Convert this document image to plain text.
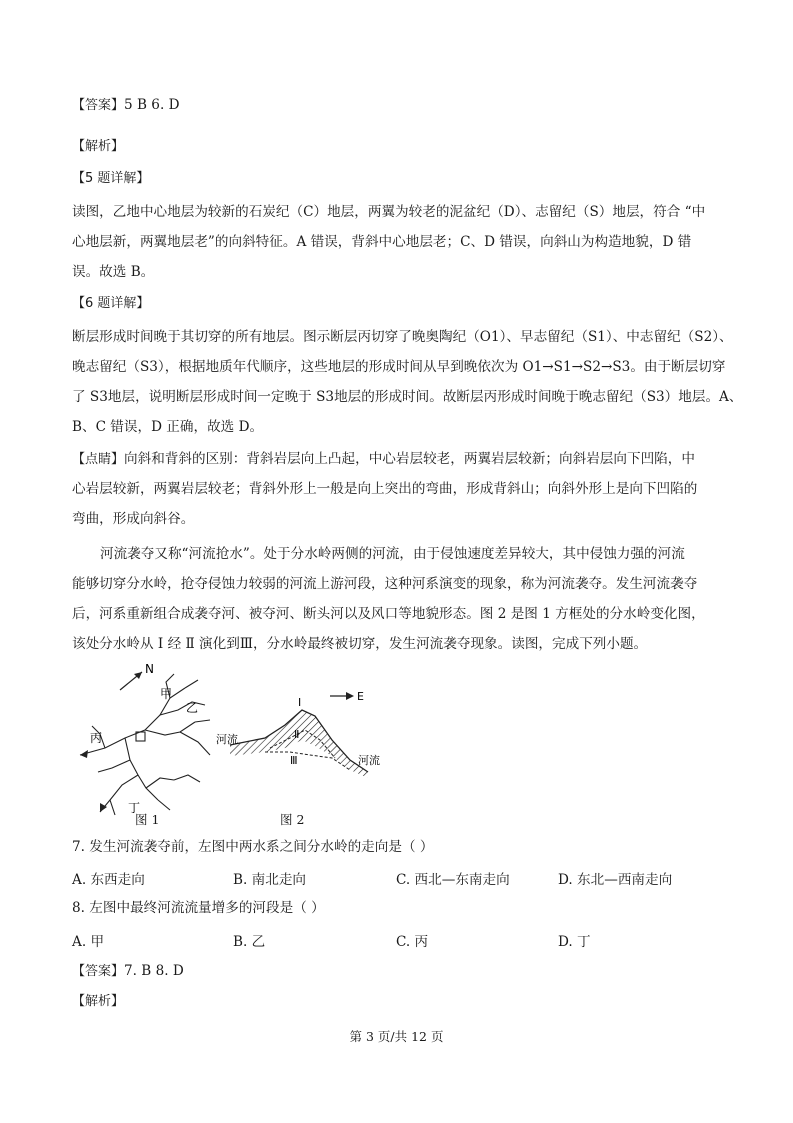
【答案】5 B 6. D
【解析】
【5 题详解】
读图，乙地中心地层为较新的石炭纪（C）地层，两翼为较老的泥盆纪（D）、志留纪（S）地层，符合 “中
心地层新，两翼地层老”的向斜特征。A 错误，背斜中心地层老；C、D 错误，向斜山为构造地貌，D 错
误。故选 B。
【6 题详解】
断层形成时间晚于其切穿的所有地层。图示断层丙切穿了晚奥陶纪（O1）、早志留纪（S1）、中志留纪（S2）、
晚志留纪（S3），根据地质年代顺序，这些地层的形成时间从早到晚依次为 O1→S1→S2→S3。由于断层切穿
了 S3地层，说明断层形成时间一定晚于 S3地层的形成时间。故断层丙形成时间晚于晚志留纪（S3）地层。A、
B、C 错误，D 正确，故选 D。
【点睛】向斜和背斜的区别：背斜岩层向上凸起，中心岩层较老，两翼岩层较新；向斜岩层向下凹陷，中
心岩层较新，两翼岩层较老；背斜外形上一般是向上突出的弯曲，形成背斜山；向斜外形上是向下凹陷的
弯曲，形成向斜谷。
河流袭夺又称“河流抢水”。处于分水岭两侧的河流，由于侵蚀速度差异较大，其中侵蚀力强的河流
能够切穿分水岭，抢夺侵蚀力较弱的河流上游河段，这种河系演变的现象，称为河流袭夺。发生河流袭夺
后，河系重新组合成袭夺河、被夺河、断头河以及风口等地貌形态。图 2 是图 1 方框处的分水岭变化图，
该处分水岭从 Ⅰ 经 Ⅱ 演化到Ⅲ，分水岭最终被切穿，发生河流袭夺现象。读图，完成下列小题。
N
甲
乙
丙
丁
图 1
E
Ⅰ
Ⅱ
Ⅲ
河流
河流
图 2
7. 发生河流袭夺前，左图中两水系之间分水岭的走向是（ ）
A. 东西走向	B. 南北走向	C. 西北—东南走向	D. 东北—西南走向
8. 左图中最终河流流量增多的河段是（ ）
A. 甲	B. 乙	C. 丙	D. 丁
【答案】7. B 8. D
【解析】
第 3 页/共 12 页
